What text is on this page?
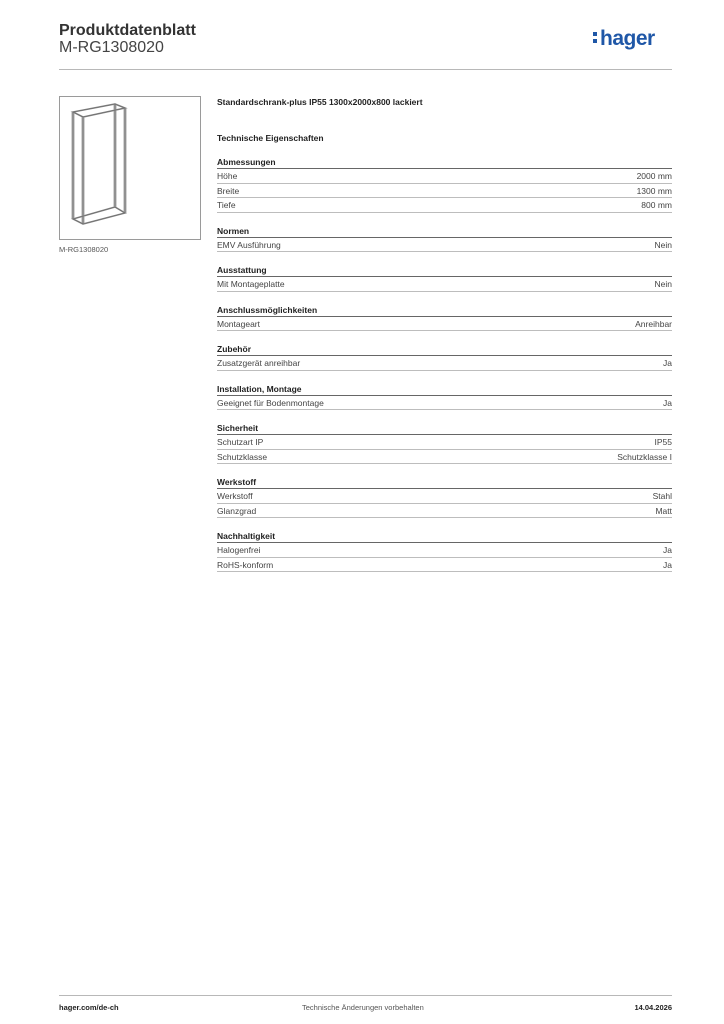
Produktdatenblatt
M-RG1308020	hager
M-RG1308020
Standardschrank-plus IP55 1300x2000x800 lackiert
Technische Eigenschaften
Abmessungen
Höhe	2000 mm
Breite	1300 mm
Tiefe	800 mm
Normen
EMV Ausführung	Nein
Ausstattung
Mit Montageplatte	Nein
Anschlussmöglichkeiten
Montageart	Anreihbar
Zubehör
Zusatzgerät anreihbar	Ja
Installation, Montage
Geeignet für Bodenmontage	Ja
Sicherheit
Schutzart IP	IP55
Schutzklasse	Schutzklasse I
Werkstoff
Werkstoff	Stahl
Glanzgrad	Matt
Nachhaltigkeit
Halogenfrei	Ja
RoHS-konform	Ja
hager.com/de-ch	Technische Änderungen vorbehalten	14.04.2026
